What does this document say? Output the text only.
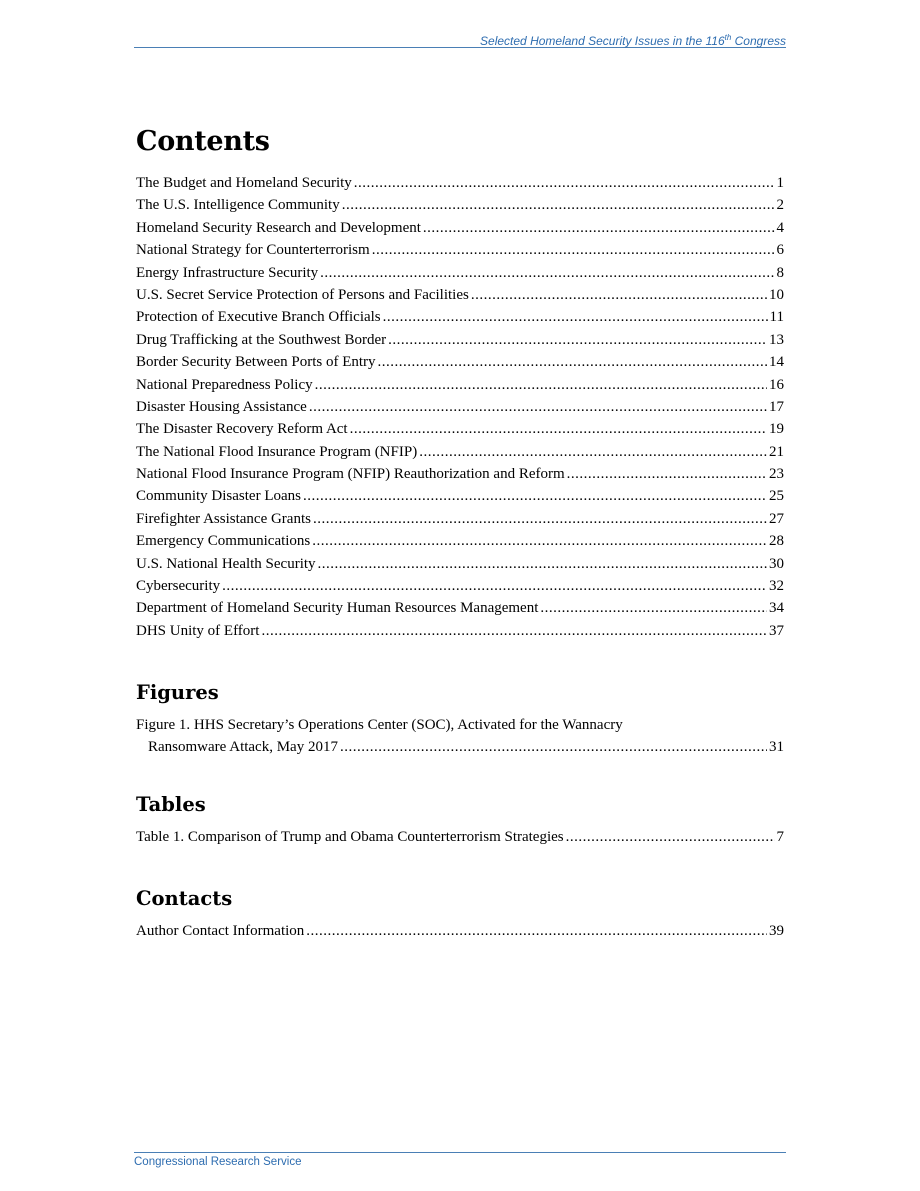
Selected Homeland Security Issues in the 116th Congress
Contents
The Budget and Homeland Security .....	1
The U.S. Intelligence Community .....	2
Homeland Security Research and Development .....	4
National Strategy for Counterterrorism .....	6
Energy Infrastructure Security .....	8
U.S. Secret Service Protection of Persons and Facilities .....	10
Protection of Executive Branch Officials .....	11
Drug Trafficking at the Southwest Border .....	13
Border Security Between Ports of Entry .....	14
National Preparedness Policy .....	16
Disaster Housing Assistance .....	17
The Disaster Recovery Reform Act .....	19
The National Flood Insurance Program (NFIP) .....	21
National Flood Insurance Program (NFIP) Reauthorization and Reform .....	23
Community Disaster Loans .....	25
Firefighter Assistance Grants .....	27
Emergency Communications .....	28
U.S. National Health Security .....	30
Cybersecurity .....	32
Department of Homeland Security Human Resources Management .....	34
DHS Unity of Effort .....	37
Figures
Figure 1. HHS Secretary’s Operations Center (SOC), Activated for the Wannacry
Ransomware Attack, May 2017 .....	31
Tables
Table 1. Comparison of Trump and Obama Counterterrorism Strategies .....	7
Contacts
Author Contact Information .....	39
Congressional Research Service
